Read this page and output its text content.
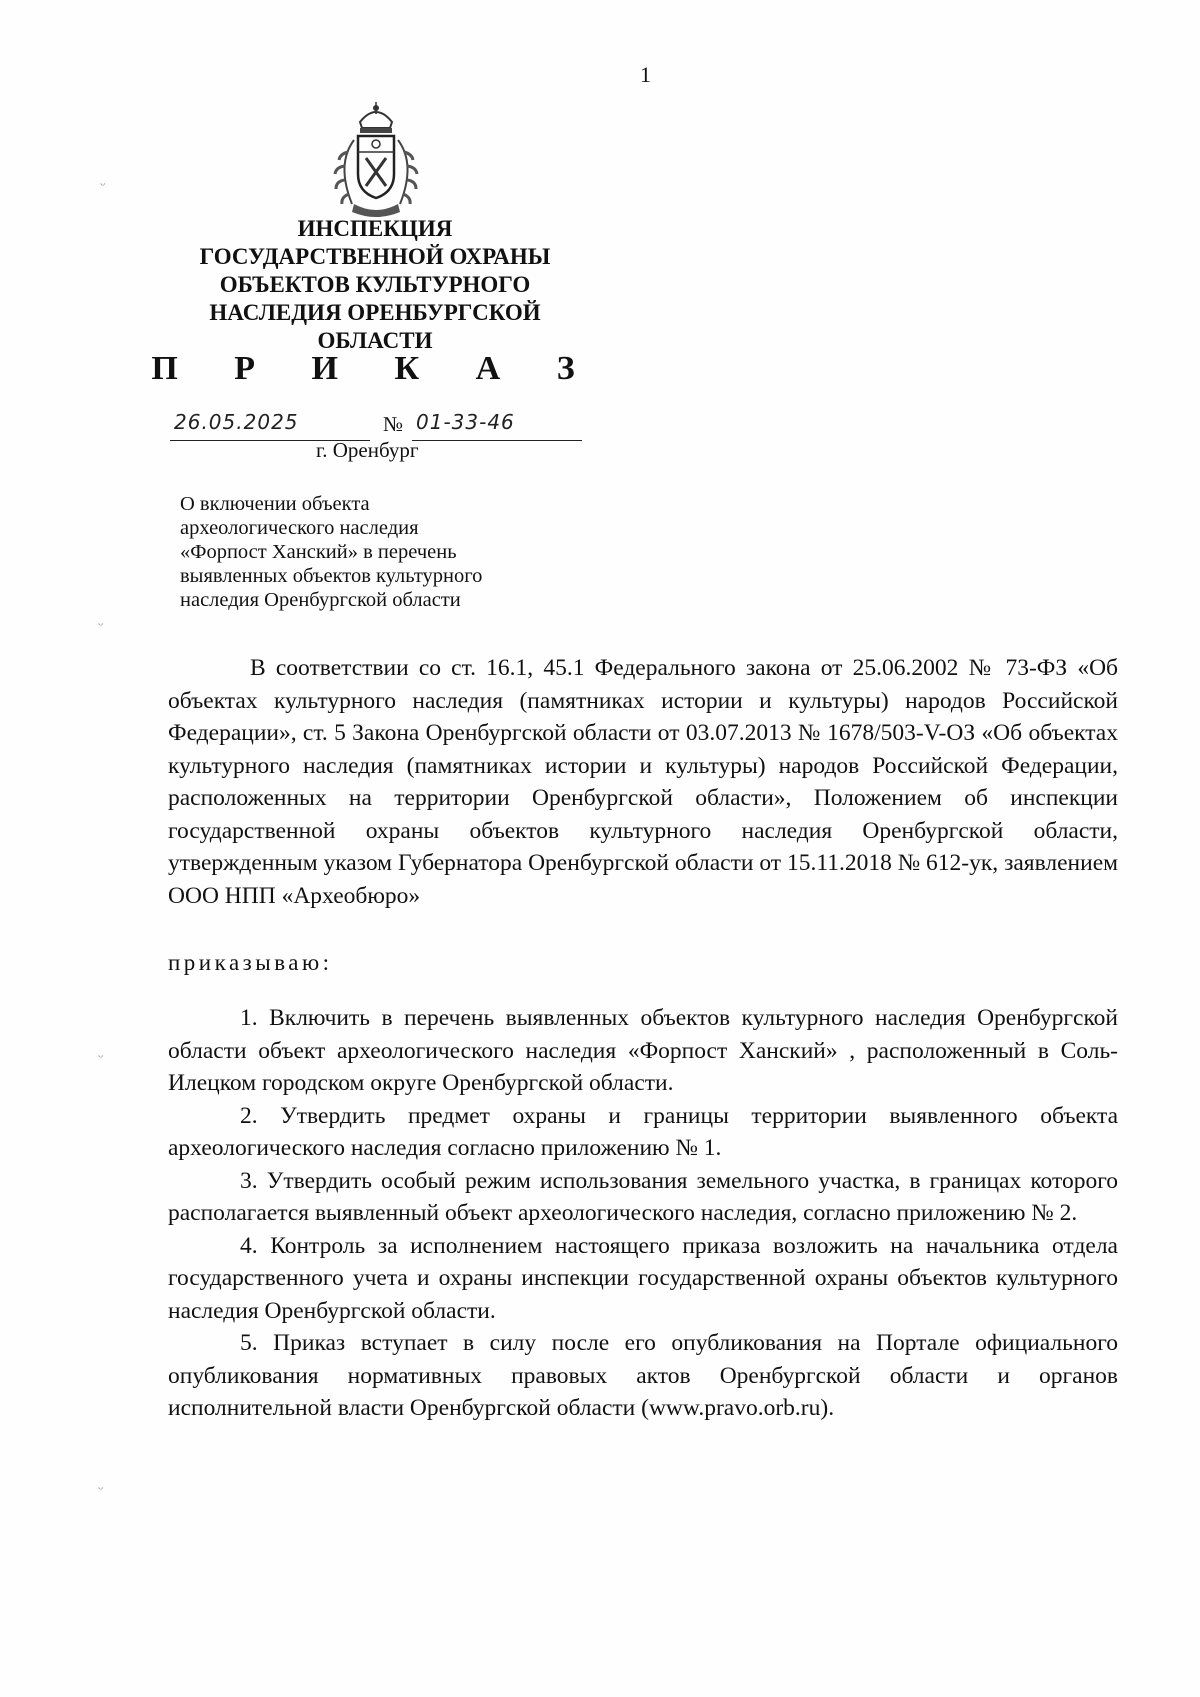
1
ИНСПЕКЦИЯ
ГОСУДАРСТВЕННОЙ ОХРАНЫ
ОБЪЕКТОВ КУЛЬТУРНОГО
НАСЛЕДИЯ ОРЕНБУРГСКОЙ
ОБЛАСТИ
П Р И К А З
26.05.2025	№ 01-33-46
г. Оренбург
О включении объекта
археологического наследия
«Форпост Ханский» в перечень
выявленных объектов культурного
наследия Оренбургской области
В соответствии со ст. 16.1, 45.1 Федерального закона от 25.06.2002 № 73-ФЗ «Об объектах культурного наследия (памятниках истории и культуры) народов Российской Федерации», ст. 5 Закона Оренбургской области от 03.07.2013 № 1678/503-V-ОЗ «Об объектах культурного наследия (памятниках истории и культуры) народов Российской Федерации, расположенных на территории Оренбургской области», Положением об инспекции государственной охраны объектов культурного наследия Оренбургской области, утвержденным указом Губернатора Оренбургской области от 15.11.2018 № 612-ук, заявлением ООО НПП «Археобюро»
приказываю:

1. Включить в перечень выявленных объектов культурного наследия Оренбургской области объект археологического наследия «Форпост Ханский» , расположенный в Соль-Илецком городском округе Оренбургской области.

2. Утвердить предмет охраны и границы территории выявленного объекта археологического наследия согласно приложению № 1.

3. Утвердить особый режим использования земельного участка, в границах которого располагается выявленный объект археологического наследия, согласно приложению № 2.

4. Контроль за исполнением настоящего приказа возложить на начальника отдела государственного учета и охраны инспекции государственной охраны объектов культурного наследия Оренбургской области.

5. Приказ вступает в силу после его опубликования на Портале официального опубликования нормативных правовых актов Оренбургской области и органов исполнительной власти Оренбургской области (www.pravo.orb.ru).

ᵕ
ᵕ
ᵕ
ᵕ
